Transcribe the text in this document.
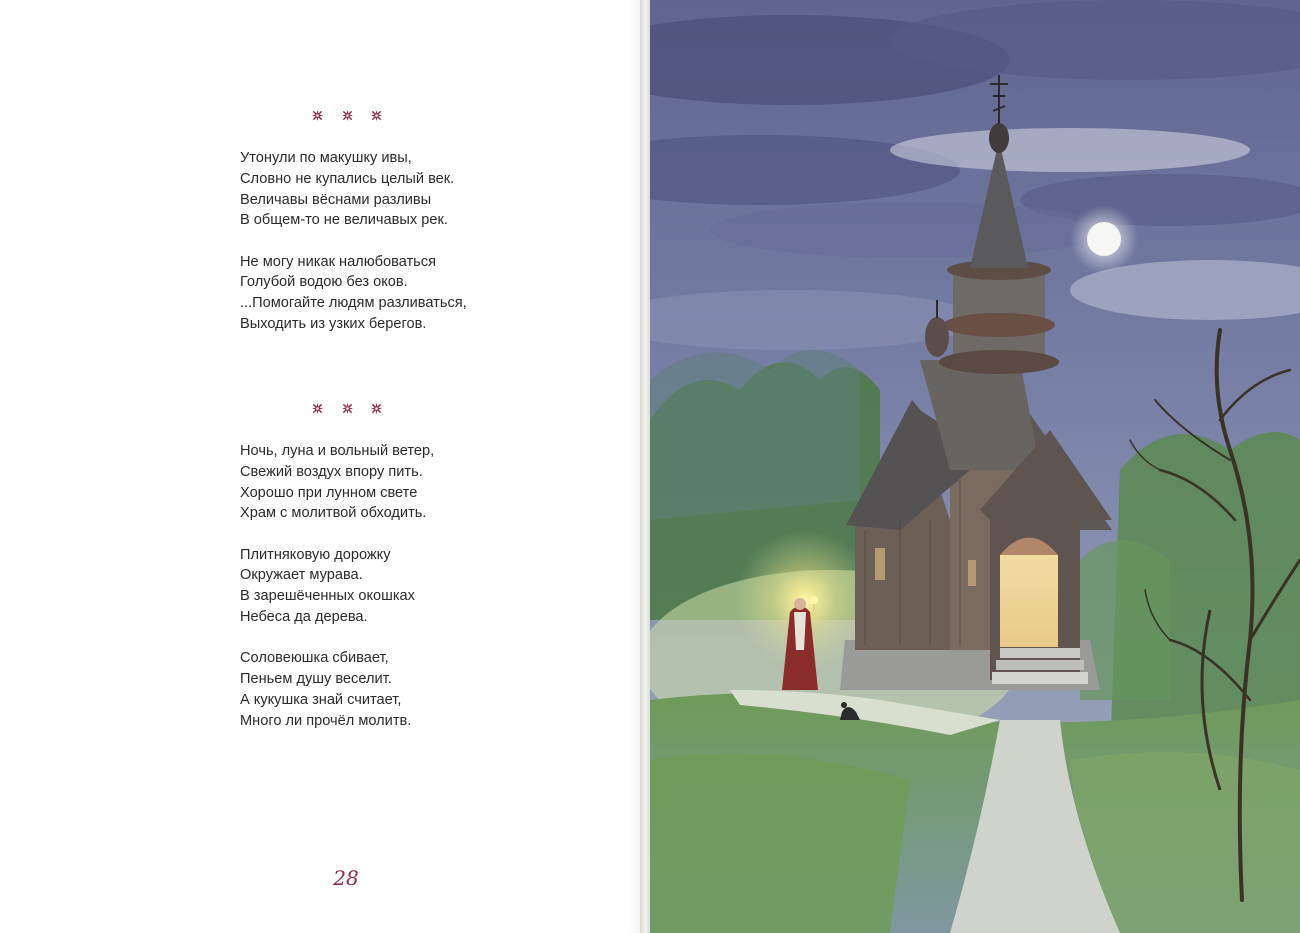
Утонули по макушку ивы,
Словно не купались целый век.
Величавы вёснами разливы
В общем-то не величавых рек.
Не могу никак налюбоваться
Голубой водою без оков.
...Помогайте людям разливаться,
Выходить из узких берегов.
Ночь, луна и вольный ветер,
Свежий воздух впору пить.
Хорошо при лунном свете
Храм с молитвой обходить.
Плитняковую дорожку
Окружает мурава.
В зарешёченных окошках
Небеса да дерева.
Соловеюшка сбивает,
Пеньем душу веселит.
А кукушка знай считает,
Много ли прочёл молитв.
28
